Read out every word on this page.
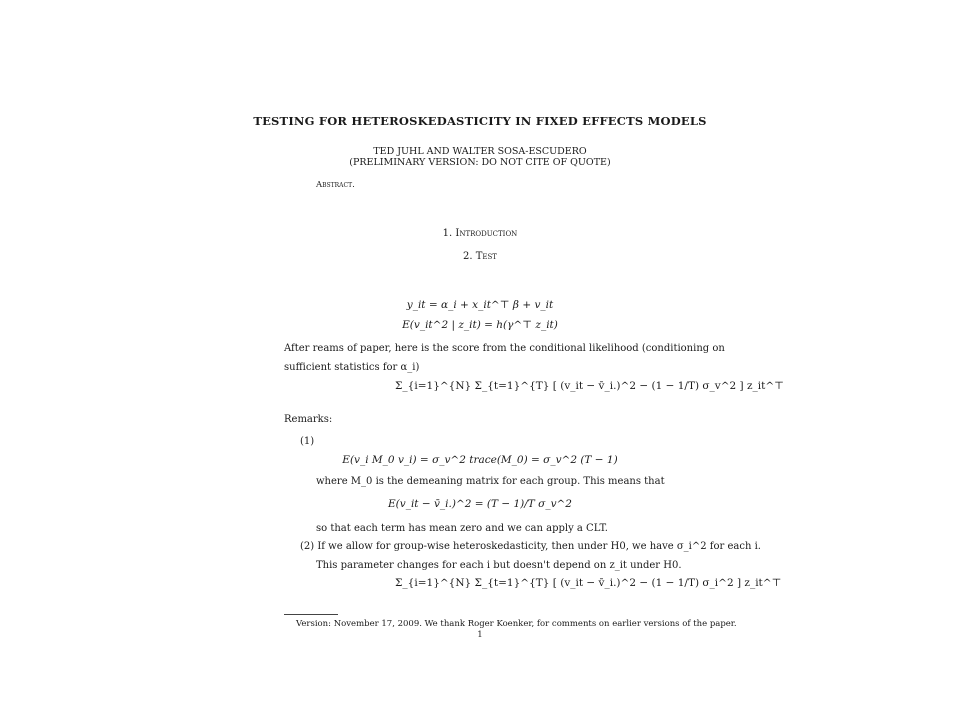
TESTING FOR HETEROSKEDASTICITY IN FIXED EFFECTS MODELS
TED JUHL AND WALTER SOSA-ESCUDERO
(PRELIMINARY VERSION: DO NOT CITE OF QUOTE)
Abstract.
1. Introduction
2. Test
y_it = α_i + x_it^⊤ β + v_it
E(v_it^2 | z_it) = h(γ^⊤ z_it)
After reams of paper, here is the score from the conditional likelihood (conditioning on
sufficient statistics for α_i)
Σ_{i=1}^{N} Σ_{t=1}^{T} [ (v_it − v̄_i.)^2 − (1 − 1/T) σ_v^2 ] z_it^⊤
Remarks:
(1)
E(v_i M_0 v_i) = σ_v^2 trace(M_0) = σ_v^2 (T − 1)
where M_0 is the demeaning matrix for each group. This means that
E(v_it − v̄_i.)^2 = (T − 1)/T σ_v^2
so that each term has mean zero and we can apply a CLT.
(2) If we allow for group-wise heteroskedasticity, then under H0, we have σ_i^2 for each i.
This parameter changes for each i but doesn't depend on z_it under H0.
Σ_{i=1}^{N} Σ_{t=1}^{T} [ (v_it − v̄_i.)^2 − (1 − 1/T) σ_i^2 ] z_it^⊤
Version: November 17, 2009. We thank Roger Koenker, for comments on earlier versions of the paper.
1
